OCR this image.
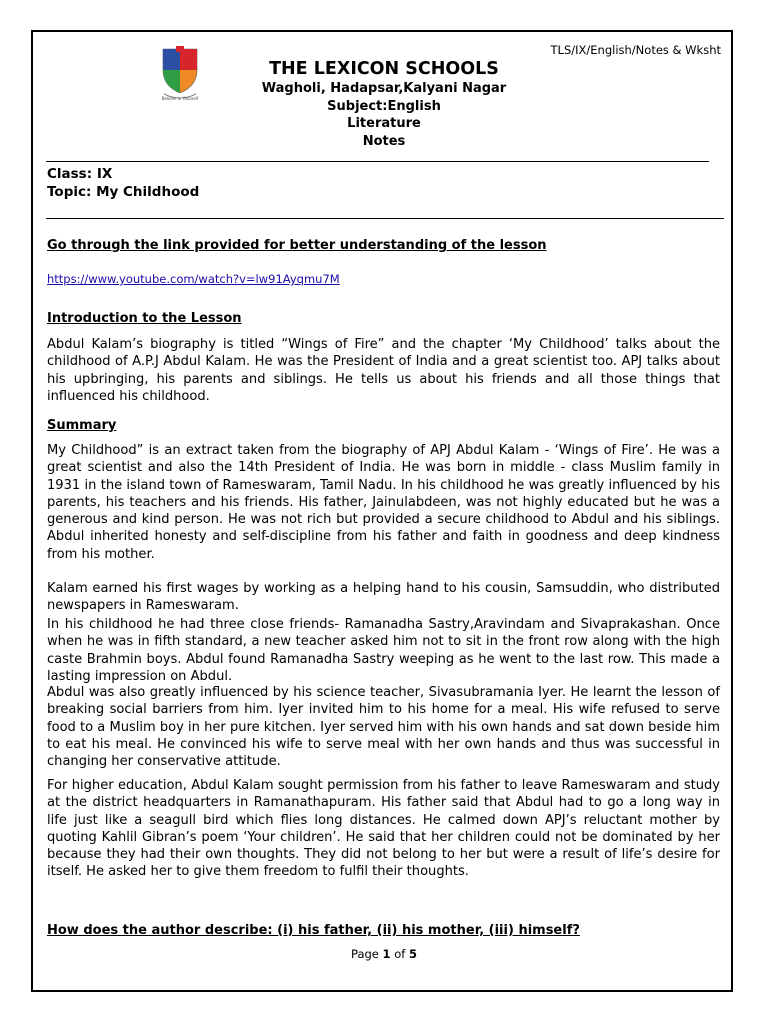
TLS/IX/English/Notes & Wksht
Believe in Yourself
THE LEXICON SCHOOLS
Wagholi, Hadapsar,Kalyani Nagar
Subject:English
Literature
Notes
Class: IX
Topic: My Childhood
Go through the link provided for better understanding of the lesson
https://www.youtube.com/watch?v=lw91Ayqmu7M
Introduction to the Lesson

Abdul Kalam’s biography is titled “Wings of Fire” and the chapter ‘My Childhood’ talks about the childhood of A.P.J Abdul Kalam. He was the President of India and a great scientist too. APJ talks about his upbringing, his parents and siblings. He tells us about his friends and all those things that influenced his childhood.

Summary

My Childhood” is an extract taken from the biography of APJ Abdul Kalam - ‘Wings of Fire’. He was a great scientist and also the 14th President of India. He was born in middle - class Muslim family in 1931 in the island town of Rameswaram, Tamil Nadu. In his childhood he was greatly influenced by his parents, his teachers and his friends. His father, Jainulabdeen, was not highly educated but he was a generous and kind person. He was not rich but provided a secure childhood to Abdul and his siblings. Abdul inherited honesty and self-discipline from his father and faith in goodness and deep kindness from his mother.

Kalam earned his first wages by working as a helping hand to his cousin, Samsuddin, who distributed newspapers in Rameswaram.

In his childhood he had three close friends- Ramanadha Sastry,Aravindam and Sivaprakashan. Once when he was in fifth standard, a new teacher asked him not to sit in the front row along with the high caste Brahmin boys. Abdul found Ramanadha Sastry weeping as he went to the last row. This made a lasting impression on Abdul.

Abdul was also greatly influenced by his science teacher, Sivasubramania Iyer. He learnt the lesson of breaking social barriers from him. Iyer invited him to his home for a meal. His wife refused to serve food to a Muslim boy in her pure kitchen. Iyer served him with his own hands and sat down beside him to eat his meal. He convinced his wife to serve meal with her own hands and thus was successful in changing her conservative attitude.

For higher education, Abdul Kalam sought permission from his father to leave Rameswaram and study at the district headquarters in Ramanathapuram. His father said that Abdul had to go a long way in life just like a seagull bird which flies long distances. He calmed down APJ’s reluctant mother by quoting Kahlil Gibran’s poem ‘Your children’. He said that her children could not be dominated by her because they had their own thoughts. They did not belong to her but were a result of life’s desire for itself. He asked her to give them freedom to fulfil their thoughts.

How does the author describe: (i) his father, (ii) his mother, (iii) himself?
Page 1 of 5
